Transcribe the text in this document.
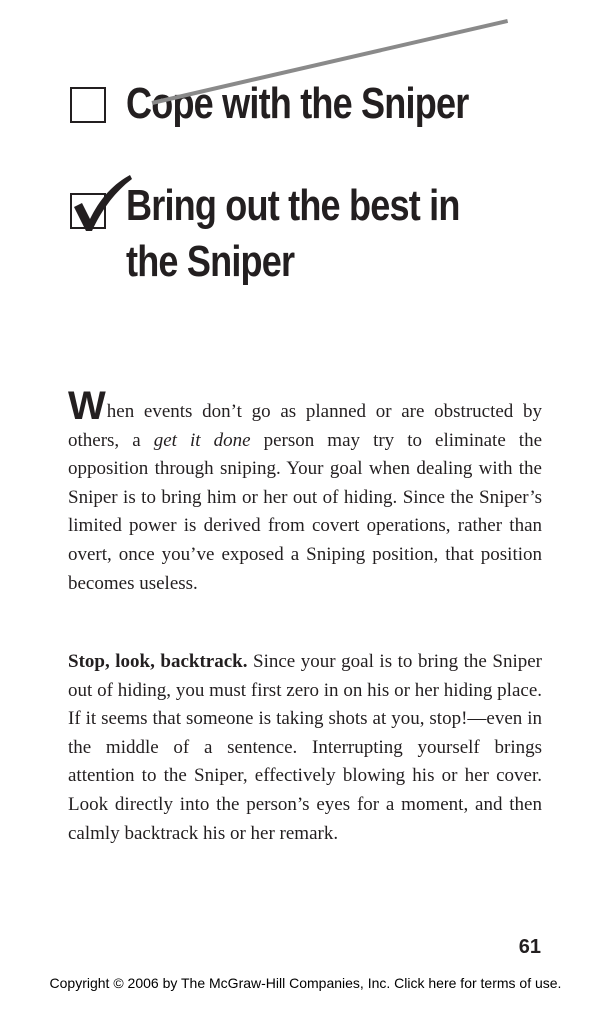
Cope with the Sniper
Bring out the best in
the Sniper
When events don’t go as planned or are obstructed by others, a get it done person may try to eliminate the opposition through sniping. Your goal when dealing with the Sniper is to bring him or her out of hiding. Since the Sniper’s limited power is derived from covert operations, rather than overt, once you’ve exposed a Sniping position, that position becomes useless.
Stop, look, backtrack. Since your goal is to bring the Sniper out of hiding, you must first zero in on his or her hiding place. If it seems that someone is taking shots at you, stop!—even in the middle of a sentence. Interrupting yourself brings attention to the Sniper, effectively blowing his or her cover. Look directly into the person’s eyes for a moment, and then calmly backtrack his or her remark.
61
Copyright © 2006 by The McGraw-Hill Companies, Inc. Click here for terms of use.
